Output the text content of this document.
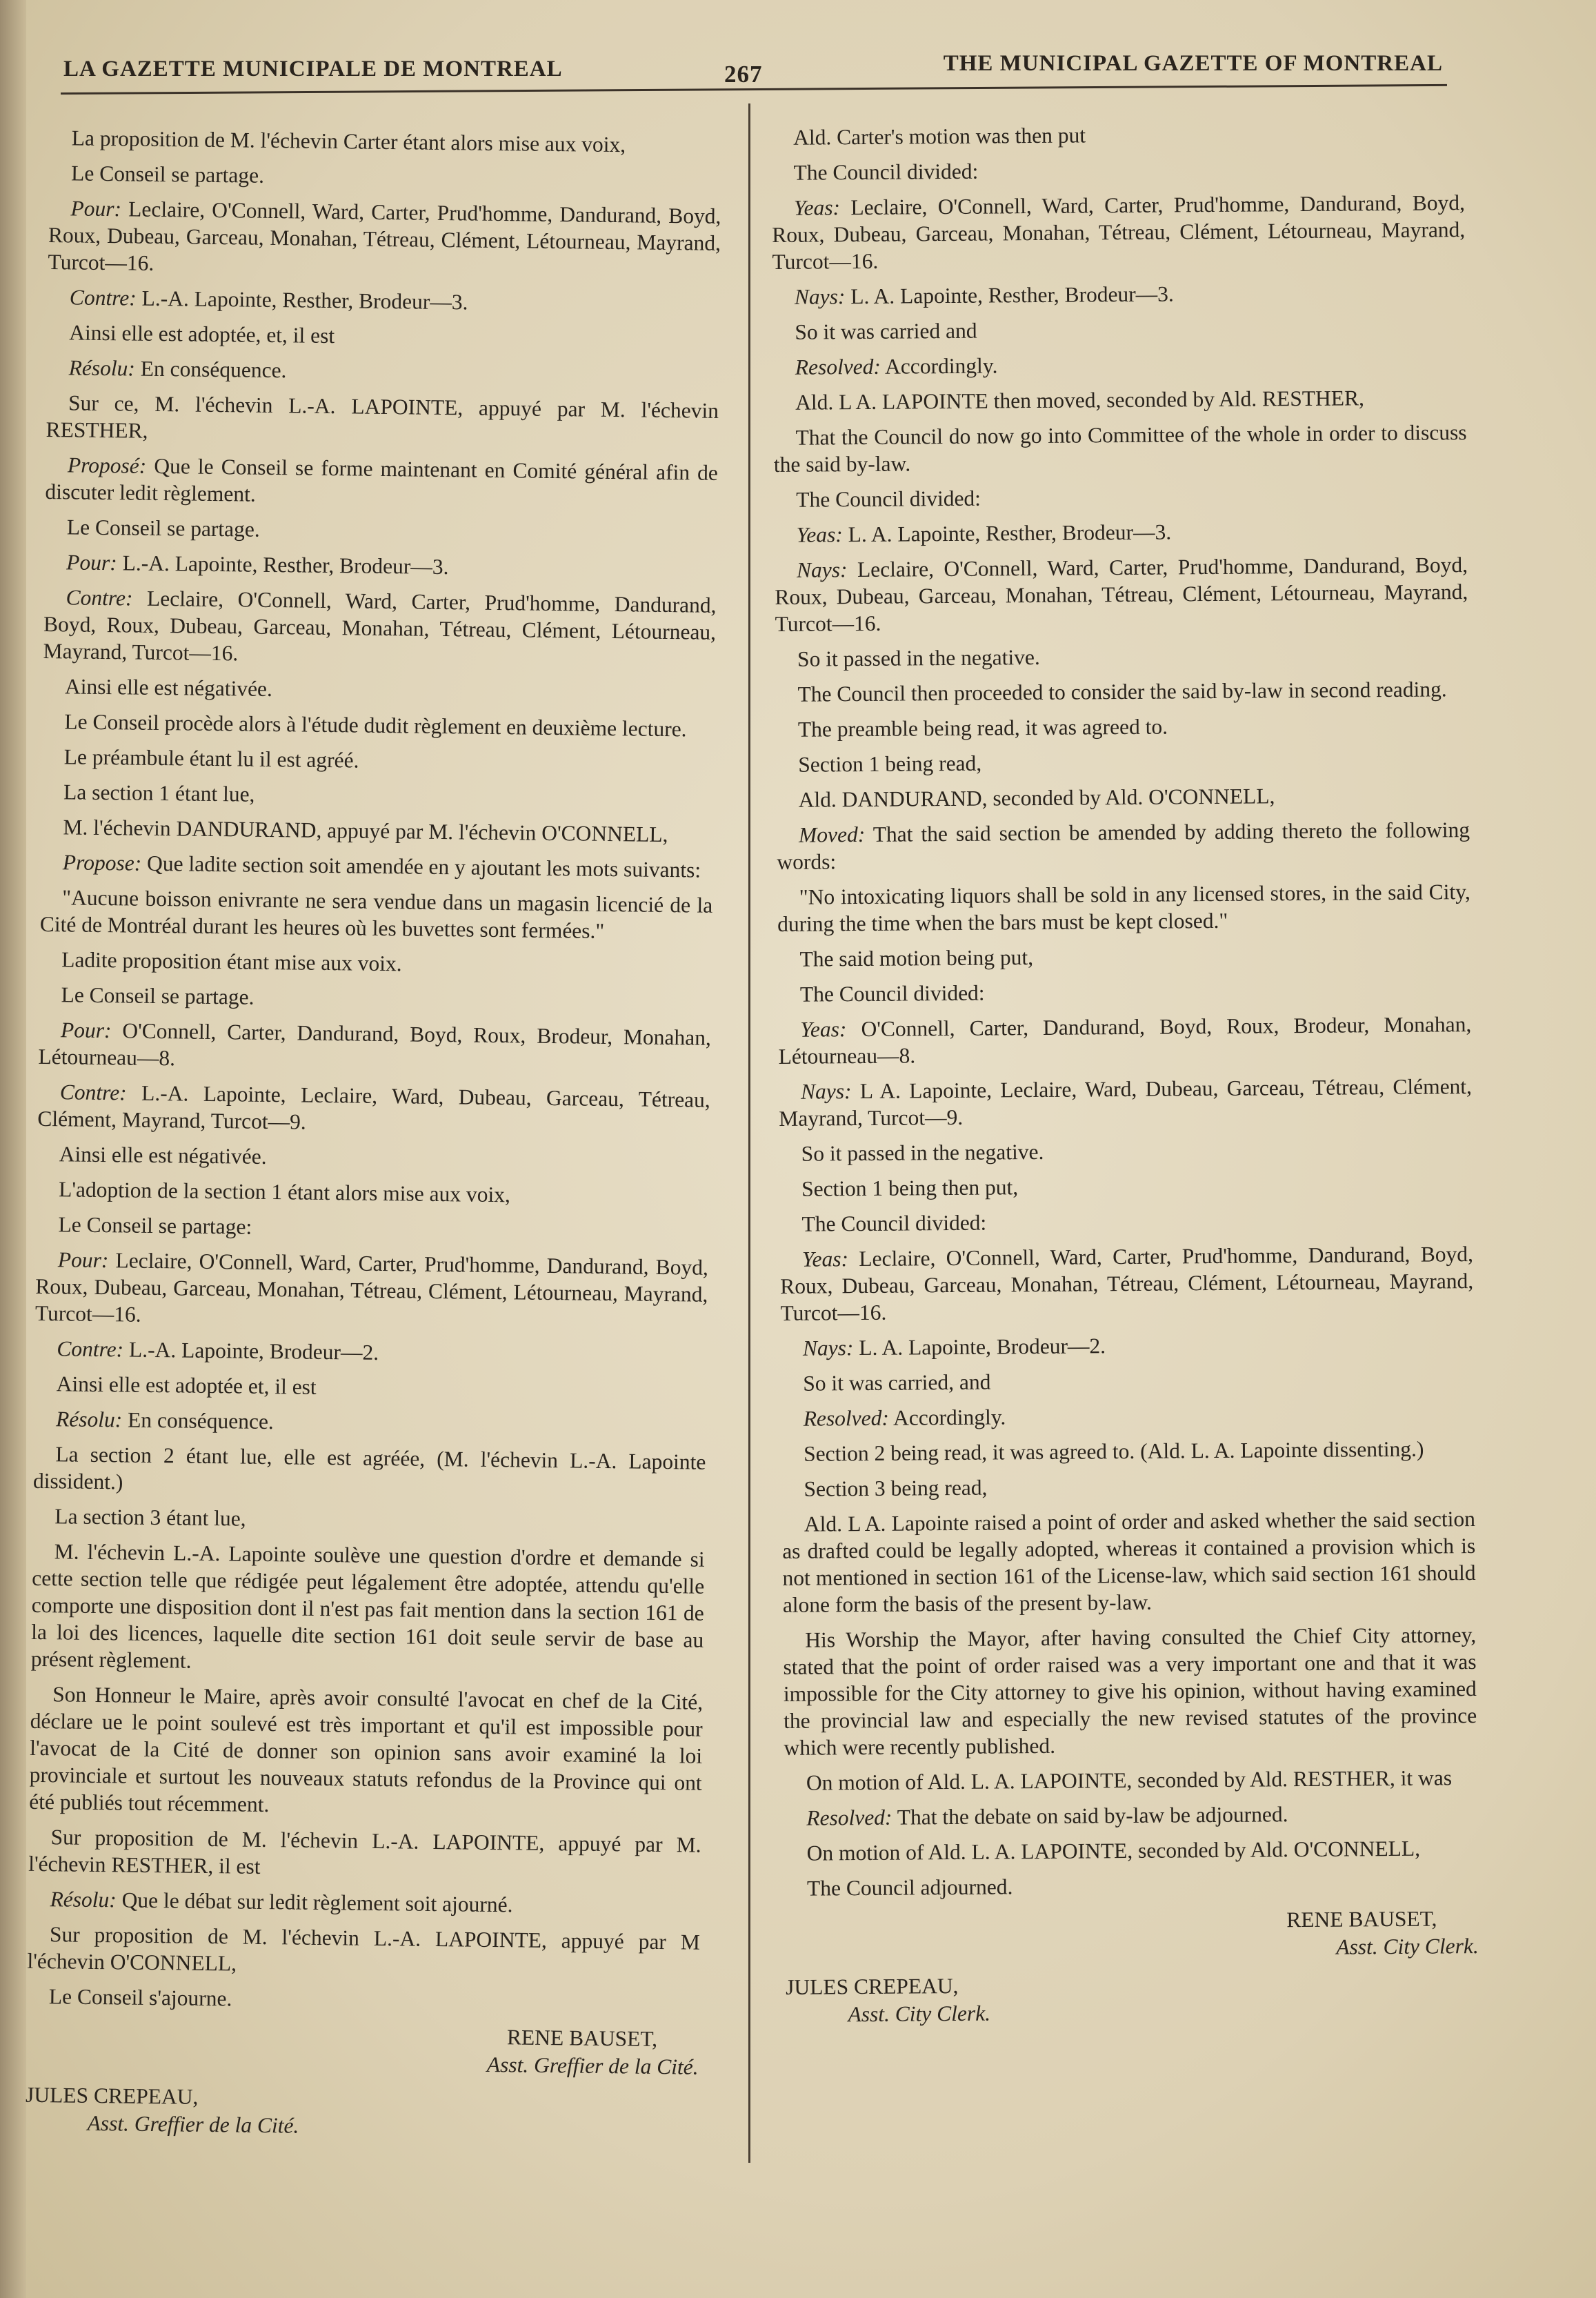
LA GAZETTE MUNICIPALE DE MONTREAL	267	THE MUNICIPAL GAZETTE OF MONTREAL

La proposition de M. l'échevin Carter étant alors mise aux voix,

Le Conseil se partage.

Pour: Leclaire, O'Connell, Ward, Carter, Prud'homme, Dandurand, Boyd, Roux, Dubeau, Garceau, Monahan, Tétreau, Clément, Létourneau, Mayrand, Turcot—16.

Contre: L.-A. Lapointe, Resther, Brodeur—3.

Ainsi elle est adoptée, et, il est

Résolu: En conséquence.

Sur ce, M. l'échevin L.-A. LAPOINTE, appuyé par M. l'échevin RESTHER,

Proposé: Que le Conseil se forme maintenant en Comité général afin de discuter ledit règlement.

Le Conseil se partage.

Pour: L.-A. Lapointe, Resther, Brodeur—3.

Contre: Leclaire, O'Connell, Ward, Carter, Prud'homme, Dandurand, Boyd, Roux, Dubeau, Garceau, Monahan, Tétreau, Clément, Létourneau, Mayrand, Turcot—16.

Ainsi elle est négativée.

Le Conseil procède alors à l'étude dudit règlement en deuxième lecture.

Le préambule étant lu il est agréé.

La section 1 étant lue,

M. l'échevin DANDURAND, appuyé par M. l'échevin O'CONNELL,

Propose: Que ladite section soit amendée en y ajoutant les mots suivants:

"Aucune boisson enivrante ne sera vendue dans un magasin licencié de la Cité de Montréal durant les heures où les buvettes sont fermées."

Ladite proposition étant mise aux voix.

Le Conseil se partage.

Pour: O'Connell, Carter, Dandurand, Boyd, Roux, Brodeur, Monahan, Létourneau—8.

Contre: L.-A. Lapointe, Leclaire, Ward, Dubeau, Garceau, Tétreau, Clément, Mayrand, Turcot—9.

Ainsi elle est négativée.

L'adoption de la section 1 étant alors mise aux voix,

Le Conseil se partage:

Pour: Leclaire, O'Connell, Ward, Carter, Prud'homme, Dandurand, Boyd, Roux, Dubeau, Garceau, Monahan, Tétreau, Clément, Létourneau, Mayrand, Turcot—16.

Contre: L.-A. Lapointe, Brodeur—2.

Ainsi elle est adoptée et, il est

Résolu: En conséquence.

La section 2 étant lue, elle est agréée, (M. l'échevin L.-A. Lapointe dissident.)

La section 3 étant lue,

M. l'échevin L.-A. Lapointe soulève une question d'ordre et demande si cette section telle que rédigée peut légalement être adoptée, attendu qu'elle comporte une disposition dont il n'est pas fait mention dans la section 161 de la loi des licences, laquelle dite section 161 doit seule servir de base au présent règlement.

Son Honneur le Maire, après avoir consulté l'avocat en chef de la Cité, déclare ue le point soulevé est très important et qu'il est impossible pour l'avocat de la Cité de donner son opinion sans avoir examiné la loi provinciale et surtout les nouveaux statuts refondus de la Province qui ont été publiés tout récemment.

Sur proposition de M. l'échevin L.-A. LAPOINTE, appuyé par M. l'échevin RESTHER, il est

Résolu: Que le débat sur ledit règlement soit ajourné.

Sur proposition de M. l'échevin L.-A. LAPOINTE, appuyé par M l'échevin O'CONNELL,

Le Conseil s'ajourne.

RENE BAUSET,
Asst. Greffier de la Cité.
JULES CREPEAU,
Asst. Greffier de la Cité.

Ald. Carter's motion was then put

The Council divided:

Yeas: Leclaire, O'Connell, Ward, Carter, Prud'homme, Dandurand, Boyd, Roux, Dubeau, Garceau, Monahan, Tétreau, Clément, Létourneau, Mayrand, Turcot—16.

Nays: L. A. Lapointe, Resther, Brodeur—3.

So it was carried and

Resolved: Accordingly.

Ald. L A. LAPOINTE then moved, seconded by Ald. RESTHER,

That the Council do now go into Committee of the whole in order to discuss the said by-law.

The Council divided:

Yeas: L. A. Lapointe, Resther, Brodeur—3.

Nays: Leclaire, O'Connell, Ward, Carter, Prud'homme, Dandurand, Boyd, Roux, Dubeau, Garceau, Monahan, Tétreau, Clément, Létourneau, Mayrand, Turcot—16.

So it passed in the negative.

The Council then proceeded to consider the said by-law in second reading.

The preamble being read, it was agreed to.

Section 1 being read,

Ald. DANDURAND, seconded by Ald. O'CONNELL,

Moved: That the said section be amended by adding thereto the following words:

"No intoxicating liquors shall be sold in any licensed stores, in the said City, during the time when the bars must be kept closed."

The said motion being put,

The Council divided:

Yeas: O'Connell, Carter, Dandurand, Boyd, Roux, Brodeur, Monahan, Létourneau—8.

Nays: L A. Lapointe, Leclaire, Ward, Dubeau, Garceau, Tétreau, Clément, Mayrand, Turcot—9.

So it passed in the negative.

Section 1 being then put,

The Council divided:

Yeas: Leclaire, O'Connell, Ward, Carter, Prud'homme, Dandurand, Boyd, Roux, Dubeau, Garceau, Monahan, Tétreau, Clément, Létourneau, Mayrand, Turcot—16.

Nays: L. A. Lapointe, Brodeur—2.

So it was carried, and

Resolved: Accordingly.

Section 2 being read, it was agreed to. (Ald. L. A. Lapointe dissenting.)

Section 3 being read,

Ald. L A. Lapointe raised a point of order and asked whether the said section as drafted could be legally adopted, whereas it contained a provision which is not mentioned in section 161 of the License-law, which said section 161 should alone form the basis of the present by-law.

His Worship the Mayor, after having consulted the Chief City attorney, stated that the point of order raised was a very important one and that it was impossible for the City attorney to give his opinion, without having examined the provincial law and especially the new revised statutes of the province which were recently published.

On motion of Ald. L. A. LAPOINTE, seconded by Ald. RESTHER, it was

Resolved: That the debate on said by-law be adjourned.

On motion of Ald. L. A. LAPOINTE, seconded by Ald. O'CONNELL,

The Council adjourned.

RENE BAUSET,
Asst. City Clerk.
JULES CREPEAU,
Asst. City Clerk.
